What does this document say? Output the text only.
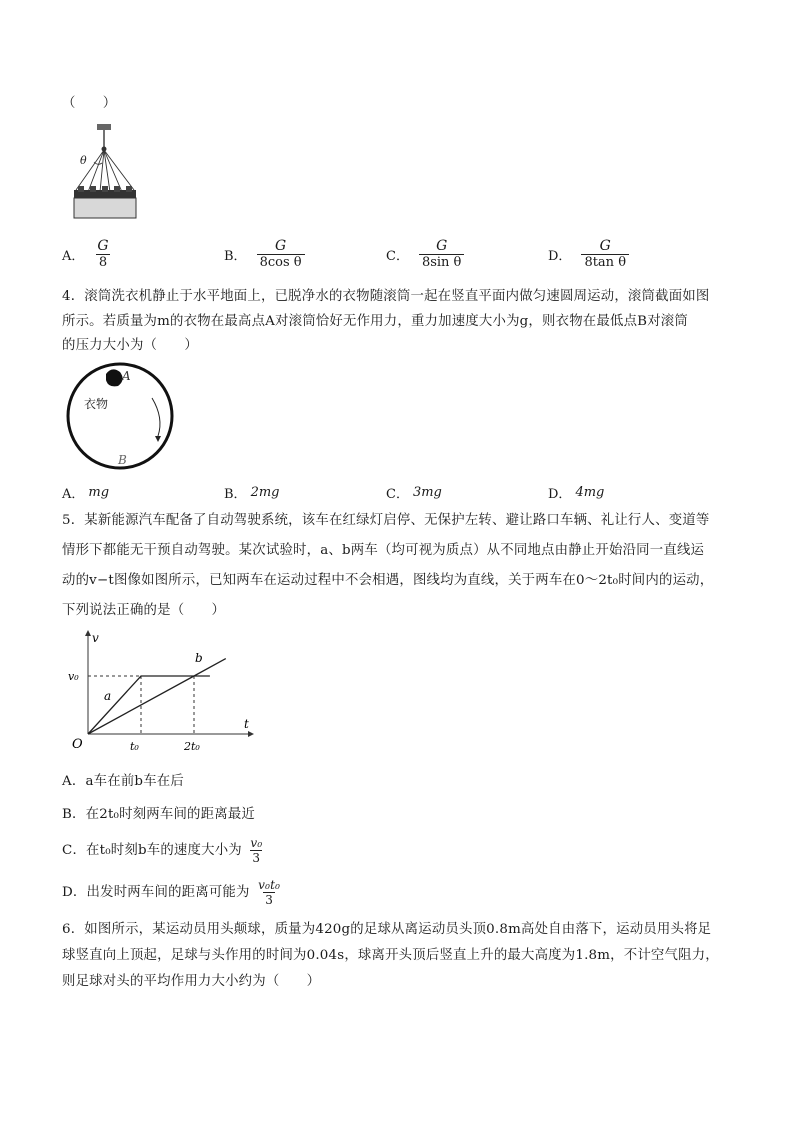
（　　）
θ
A． $\frac{G}{8}$	B． $\frac{G}{\text{8cos θ}}$	C． $\frac{G}{\text{8sin θ}}$	D． $\frac{G}{\text{8tan θ}}$
4．滚筒洗衣机静止于水平地面上，已脱净水的衣物随滚筒一起在竖直平面内做匀速圆周运动，滚筒截面如图
所示。若质量为m的衣物在最高点A对滚筒恰好无作用力，重力加速度大小为g，则衣物在最低点B对滚筒
的压力大小为（　　）
A
衣物
B
A． mg	B． 2mg	C． 3mg	D． 4mg
5．某新能源汽车配备了自动驾驶系统，该车在红绿灯启停、无保护左转、避让路口车辆、礼让行人、变道等
情形下都能无干预自动驾驶。某次试验时，a、b两车（均可视为质点）从不同地点由静止开始沿同一直线运
动的v−t图像如图所示，已知两车在运动过程中不会相遇，图线均为直线，关于两车在0～2t₀时间内的运动，
下列说法正确的是（　　）
v
t
O
v₀
t₀	2t₀
a
b
A．a车在前b车在后
B．在2t₀时刻两车间的距离最近
C．在t₀时刻b车的速度大小为 $\frac{\text{v₀}}{3}$
D．出发时两车间的距离可能为 $\frac{\text{v₀t₀}}{3}$
6．如图所示，某运动员用头颠球，质量为420g的足球从离运动员头顶0.8m高处自由落下，运动员用头将足
球竖直向上顶起，足球与头作用的时间为0.04s，球离开头顶后竖直上升的最大高度为1.8m，不计空气阻力，
则足球对头的平均作用力大小约为（　　）
